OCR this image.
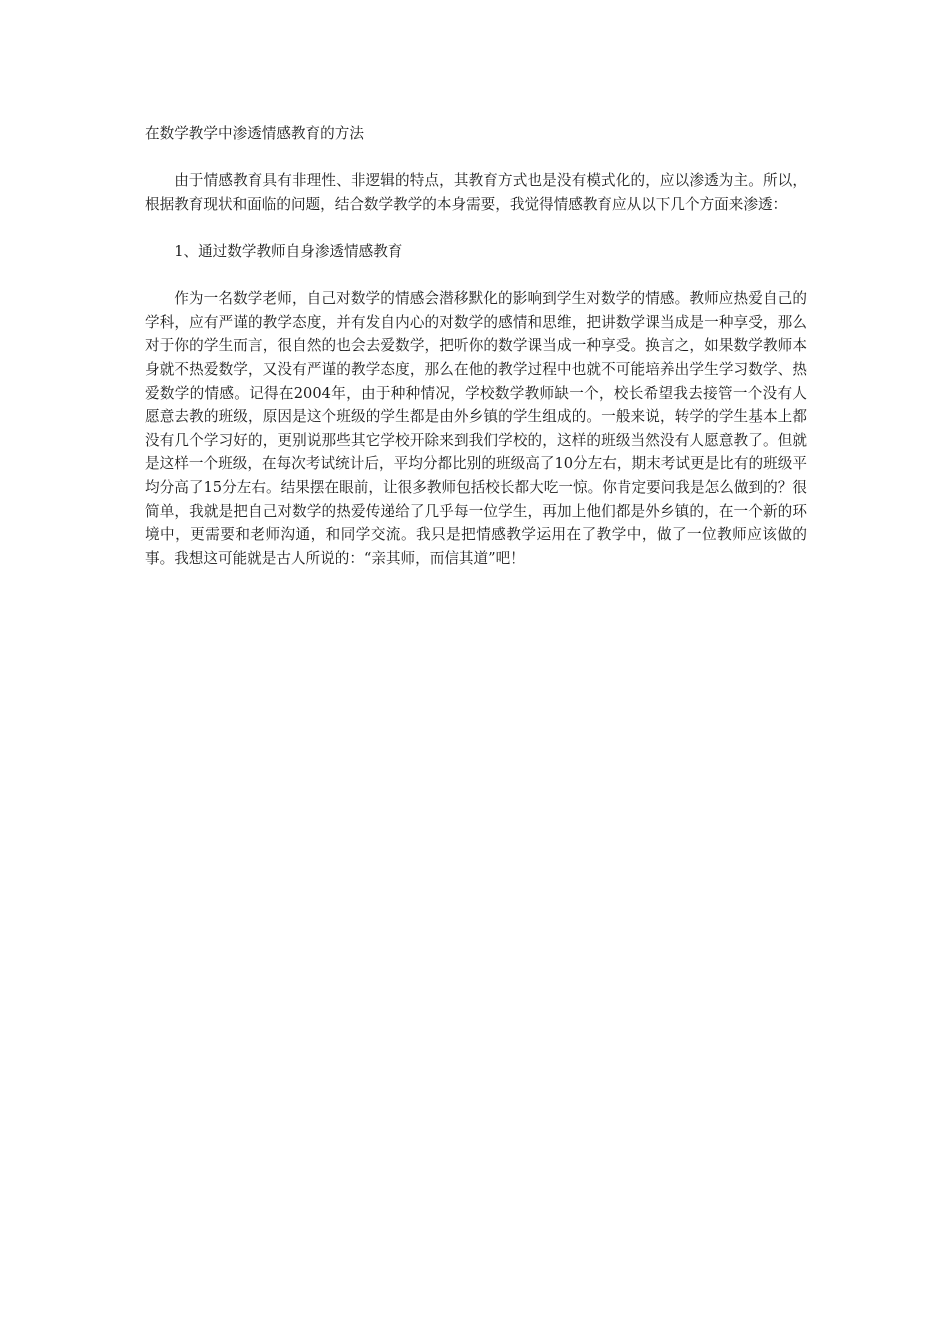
在数学教学中渗透情感教育的方法

由于情感教育具有非理性、非逻辑的特点，其教育方式也是没有模式化的，应以渗透为主。所以，根据教育现状和面临的问题，结合数学教学的本身需要，我觉得情感教育应从以下几个方面来渗透：

1、通过数学教师自身渗透情感教育

作为一名数学老师，自己对数学的情感会潜移默化的影响到学生对数学的情感。教师应热爱自己的学科，应有严谨的教学态度，并有发自内心的对数学的感情和思维，把讲数学课当成是一种享受，那么对于你的学生而言，很自然的也会去爱数学，把听你的数学课当成一种享受。换言之，如果数学教师本身就不热爱数学，又没有严谨的教学态度，那么在他的教学过程中也就不可能培养出学生学习数学、热爱数学的情感。记得在2004年，由于种种情况，学校数学教师缺一个，校长希望我去接管一个没有人愿意去教的班级，原因是这个班级的学生都是由外乡镇的学生组成的。一般来说，转学的学生基本上都没有几个学习好的，更别说那些其它学校开除来到我们学校的，这样的班级当然没有人愿意教了。但就是这样一个班级，在每次考试统计后，平均分都比别的班级高了10分左右，期末考试更是比有的班级平均分高了15分左右。结果摆在眼前，让很多教师包括校长都大吃一惊。你肯定要问我是怎么做到的？很简单，我就是把自己对数学的热爱传递给了几乎每一位学生，再加上他们都是外乡镇的，在一个新的环境中，更需要和老师沟通，和同学交流。我只是把情感教学运用在了教学中，做了一位教师应该做的事。我想这可能就是古人所说的：“亲其师，而信其道”吧！
